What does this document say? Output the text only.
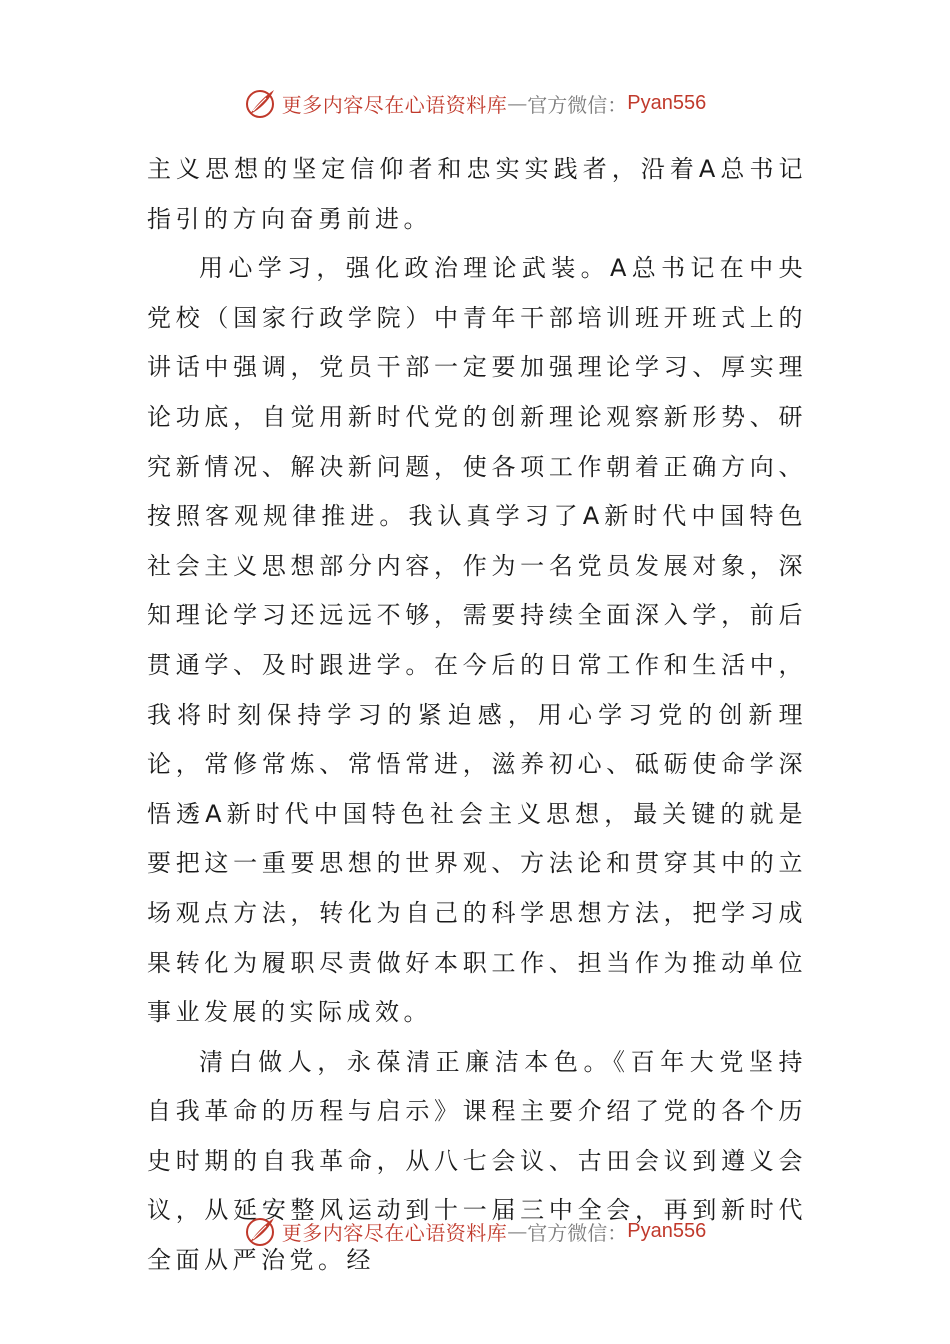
更多内容尽在心语资料库 — 官方微信： Pyan556

主义思想的坚定信仰者和忠实实践者，沿着A总书记指引的方向奋勇前进。

用心学习，强化政治理论武装。A总书记在中央党校（国家行政学院）中青年干部培训班开班式上的讲话中强调，党员干部一定要加强理论学习、厚实理论功底，自觉用新时代党的创新理论观察新形势、研究新情况、解决新问题，使各项工作朝着正确方向、按照客观规律推进。我认真学习了A新时代中国特色社会主义思想部分内容，作为一名党员发展对象，深知理论学习还远远不够，需要持续全面深入学，前后贯通学、及时跟进学。在今后的日常工作和生活中，我将时刻保持学习的紧迫感，用心学习党的创新理论，常修常炼、常悟常进，滋养初心、砥砺使命学深悟透A新时代中国特色社会主义思想，最关键的就是要把这一重要思想的世界观、方法论和贯穿其中的立场观点方法，转化为自己的科学思想方法，把学习成果转化为履职尽责做好本职工作、担当作为推动单位事业发展的实际成效。

清白做人，永葆清正廉洁本色。《百年大党坚持自我革命的历程与启示》课程主要介绍了党的各个历史时期的自我革命，从八七会议、古田会议到遵义会议，从延安整风运动到十一届三中全会，再到新时代全面从严治党。经

更多内容尽在心语资料库 — 官方微信： Pyan556
